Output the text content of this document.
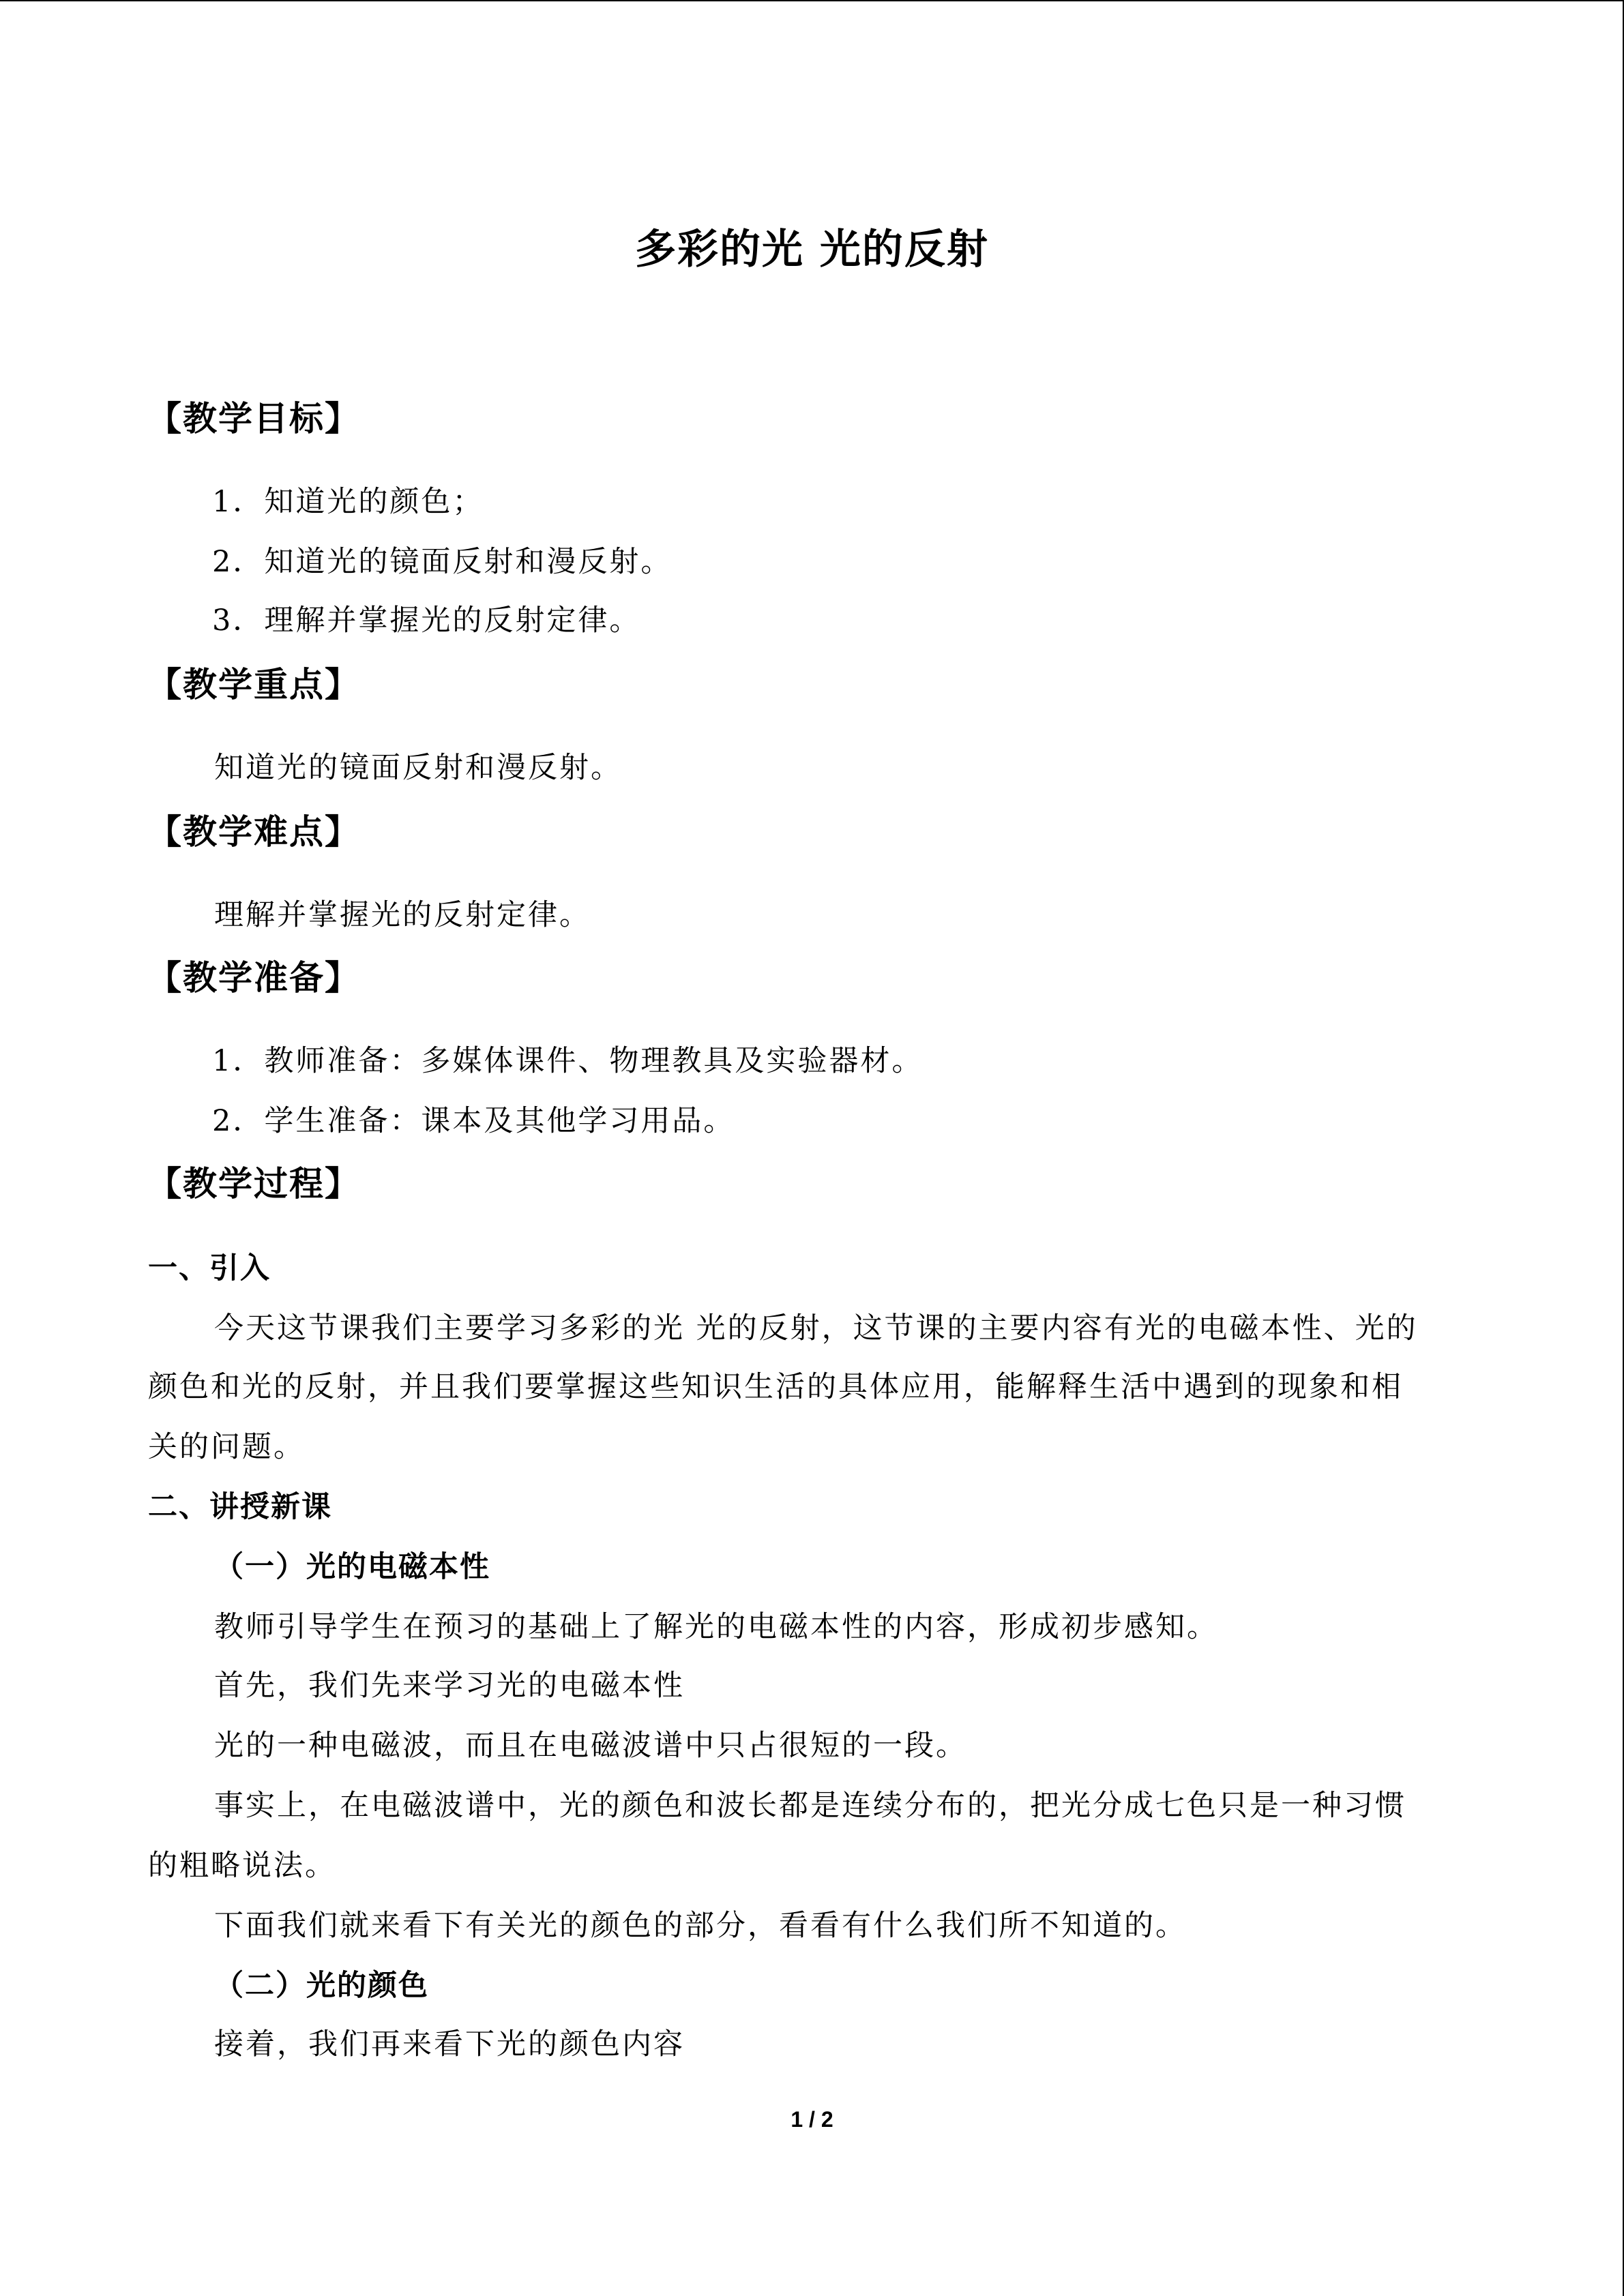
多彩的光 光的反射
【教学目标】
1．知道光的颜色；
2．知道光的镜面反射和漫反射。
3．理解并掌握光的反射定律。
【教学重点】
知道光的镜面反射和漫反射。
【教学难点】
理解并掌握光的反射定律。
【教学准备】
1．教师准备：多媒体课件、物理教具及实验器材。
2．学生准备：课本及其他学习用品。
【教学过程】
一、引入
今天这节课我们主要学习多彩的光 光的反射，这节课的主要内容有光的电磁本性、光的
颜色和光的反射，并且我们要掌握这些知识生活的具体应用，能解释生活中遇到的现象和相
关的问题。
二、讲授新课
（一）光的电磁本性
教师引导学生在预习的基础上了解光的电磁本性的内容，形成初步感知。
首先，我们先来学习光的电磁本性
光的一种电磁波，而且在电磁波谱中只占很短的一段。
事实上，在电磁波谱中，光的颜色和波长都是连续分布的，把光分成七色只是一种习惯
的粗略说法。
下面我们就来看下有关光的颜色的部分，看看有什么我们所不知道的。
（二）光的颜色
接着，我们再来看下光的颜色内容
1 / 2
